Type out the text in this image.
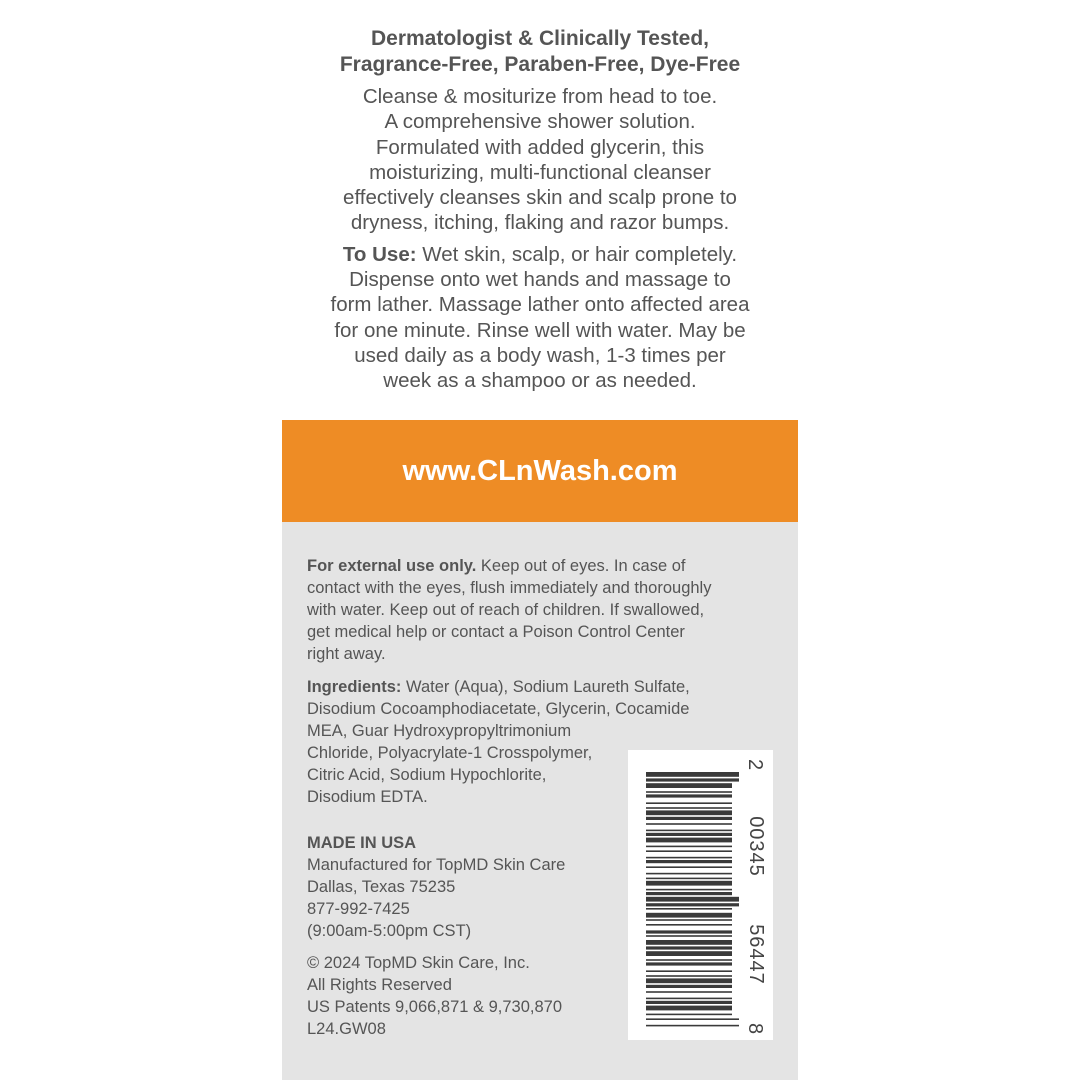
Dermatologist & Clinically Tested,
Fragrance-Free, Paraben-Free, Dye-Free

Cleanse & mositurize from head to toe.
A comprehensive shower solution.
Formulated with added glycerin, this
moisturizing, multi-functional cleanser
effectively cleanses skin and scalp prone to
dryness, itching, flaking and razor bumps.

To Use: Wet skin, scalp, or hair completely.
Dispense onto wet hands and massage to
form lather. Massage lather onto affected area
for one minute. Rinse well with water. May be
used daily as a body wash, 1-3 times per
week as a shampoo or as needed.

www.CLnWash.com
For external use only. Keep out of eyes. In case of
contact with the eyes, flush immediately and thoroughly
with water. Keep out of reach of children. If swallowed,
get medical help or contact a Poison Control Center
right away.
Ingredients: Water (Aqua), Sodium Laureth Sulfate,
Disodium Cocoamphodiacetate, Glycerin, Cocamide
MEA, Guar Hydroxypropyltrimonium
Chloride, Polyacrylate-1 Crosspolymer,
Citric Acid, Sodium Hypochlorite,
Disodium EDTA.
MADE IN USA
Manufactured for TopMD Skin Care
Dallas, Texas 75235
877-992-7425
(9:00am-5:00pm CST)
© 2024 TopMD Skin Care, Inc.
All Rights Reserved
US Patents 9,066,871 & 9,730,870
L24.GW08
2
00345
56447
8
